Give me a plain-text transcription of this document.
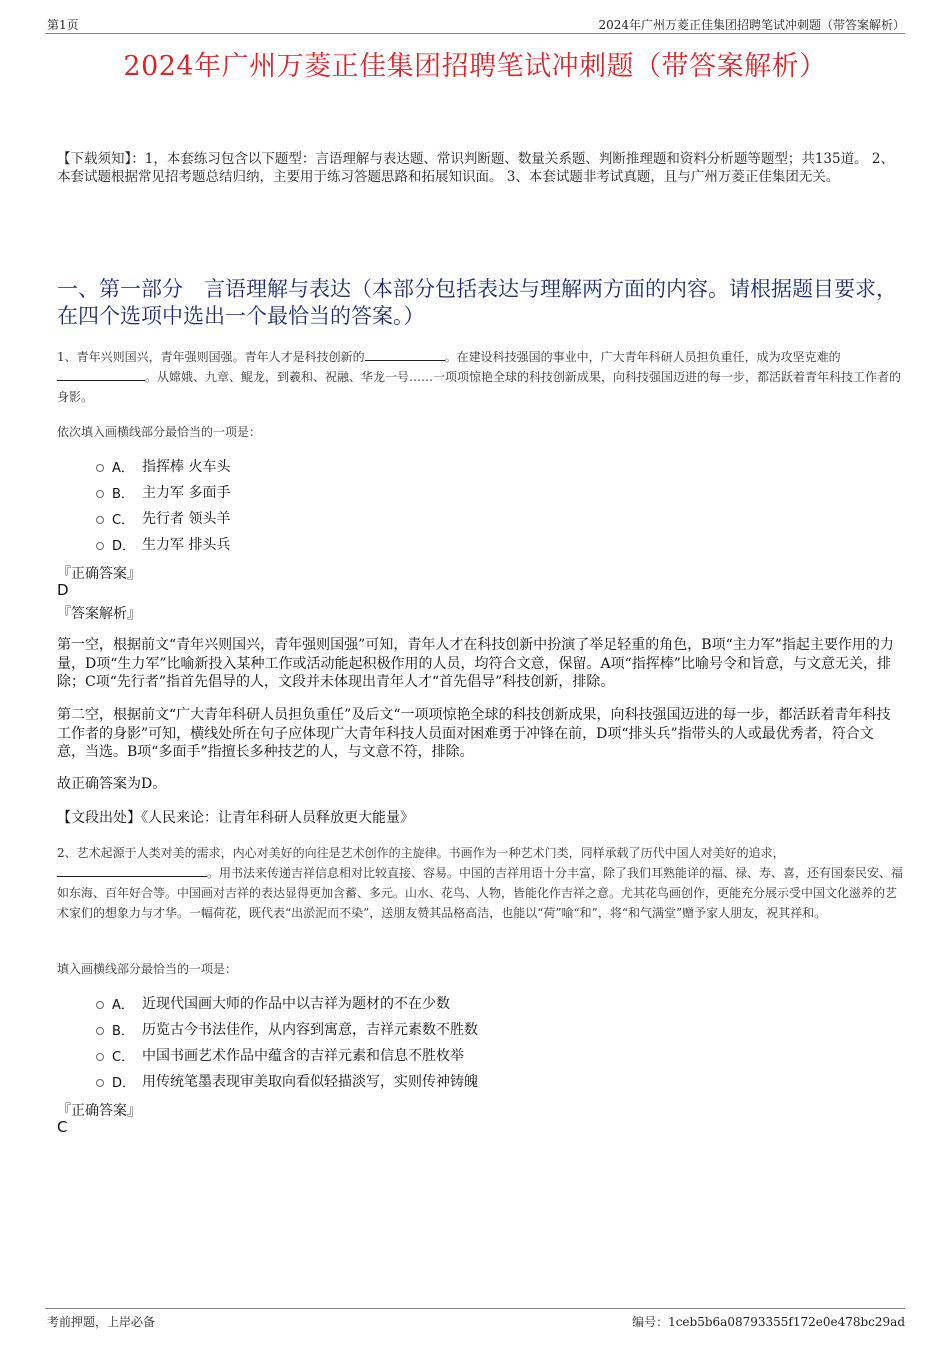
第1页	2024年广州万菱正佳集团招聘笔试冲刺题（带答案解析）
2024年广州万菱正佳集团招聘笔试冲刺题（带答案解析）
【下载须知】：1，本套练习包含以下题型：言语理解与表达题、常识判断题、数量关系题、判断推理题和资料分析题等题型；共135道。 2、本套试题根据常见招考题总结归纳，主要用于练习答题思路和拓展知识面。 3、本套试题非考试真题，且与广州万菱正佳集团无关。
一、第一部分　言语理解与表达（本部分包括表达与理解两方面的内容。请根据题目要求，在四个选项中选出一个最恰当的答案。）
1、青年兴则国兴，青年强则国强。青年人才是科技创新的	。在建设科技强国的事业中，广大青年科研人员担负重任，成为攻坚克难的。从嫦娥、九章、鲲龙，到羲和、祝融、华龙一号……一项项惊艳全球的科技创新成果，向科技强国迈进的每一步，都活跃着青年科技工作者的身影。
依次填入画横线部分最恰当的一项是：
A． 指挥棒 火车头
B． 主力军 多面手
C． 先行者 领头羊
D． 生力军 排头兵
『正确答案』
D
『答案解析』
第一空，根据前文“青年兴则国兴，青年强则国强”可知，青年人才在科技创新中扮演了举足轻重的角色，B项“主力军”指起主要作用的力量，D项“生力军”比喻新投入某种工作或活动能起积极作用的人员，均符合文意，保留。A项“指挥棒”比喻号令和旨意，与文意无关，排除；C项“先行者”指首先倡导的人，文段并未体现出青年人才“首先倡导”科技创新，排除。
第二空，根据前文“广大青年科研人员担负重任”及后文“一项项惊艳全球的科技创新成果，向科技强国迈进的每一步，都活跃着青年科技工作者的身影”可知，横线处所在句子应体现广大青年科技人员面对困难勇于冲锋在前，D项“排头兵”指带头的人或最优秀者，符合文意，当选。B项“多面手”指擅长多种技艺的人，与文意不符，排除。
故正确答案为D。
【文段出处】《人民来论：让青年科研人员释放更大能量》
2、艺术起源于人类对美的需求，内心对美好的向往是艺术创作的主旋律。书画作为一种艺术门类，同样承载了历代中国人对美好的追求，。用书法来传递吉祥信息相对比较直接、容易。中国的吉祥用语十分丰富，除了我们耳熟能详的福、禄、寿、喜，还有国泰民安、福如东海、百年好合等。中国画对吉祥的表达显得更加含蓄、多元。山水、花鸟、人物，皆能化作吉祥之意。尤其花鸟画创作，更能充分展示受中国文化滋养的艺术家们的想象力与才华。一幅荷花，既代表“出淤泥而不染”，送朋友赞其品格高洁，也能以“荷”喻“和”，将“和气满堂”赠予家人朋友，祝其祥和。
填入画横线部分最恰当的一项是：
A． 近现代国画大师的作品中以吉祥为题材的不在少数
B． 历览古今书法佳作，从内容到寓意，吉祥元素数不胜数
C． 中国书画艺术作品中蕴含的吉祥元素和信息不胜枚举
D． 用传统笔墨表现审美取向看似轻描淡写，实则传神铸魄
『正确答案』
C
考前押题，上岸必备	编号：1ceb5b6a08793355f172e0e478bc29ad
